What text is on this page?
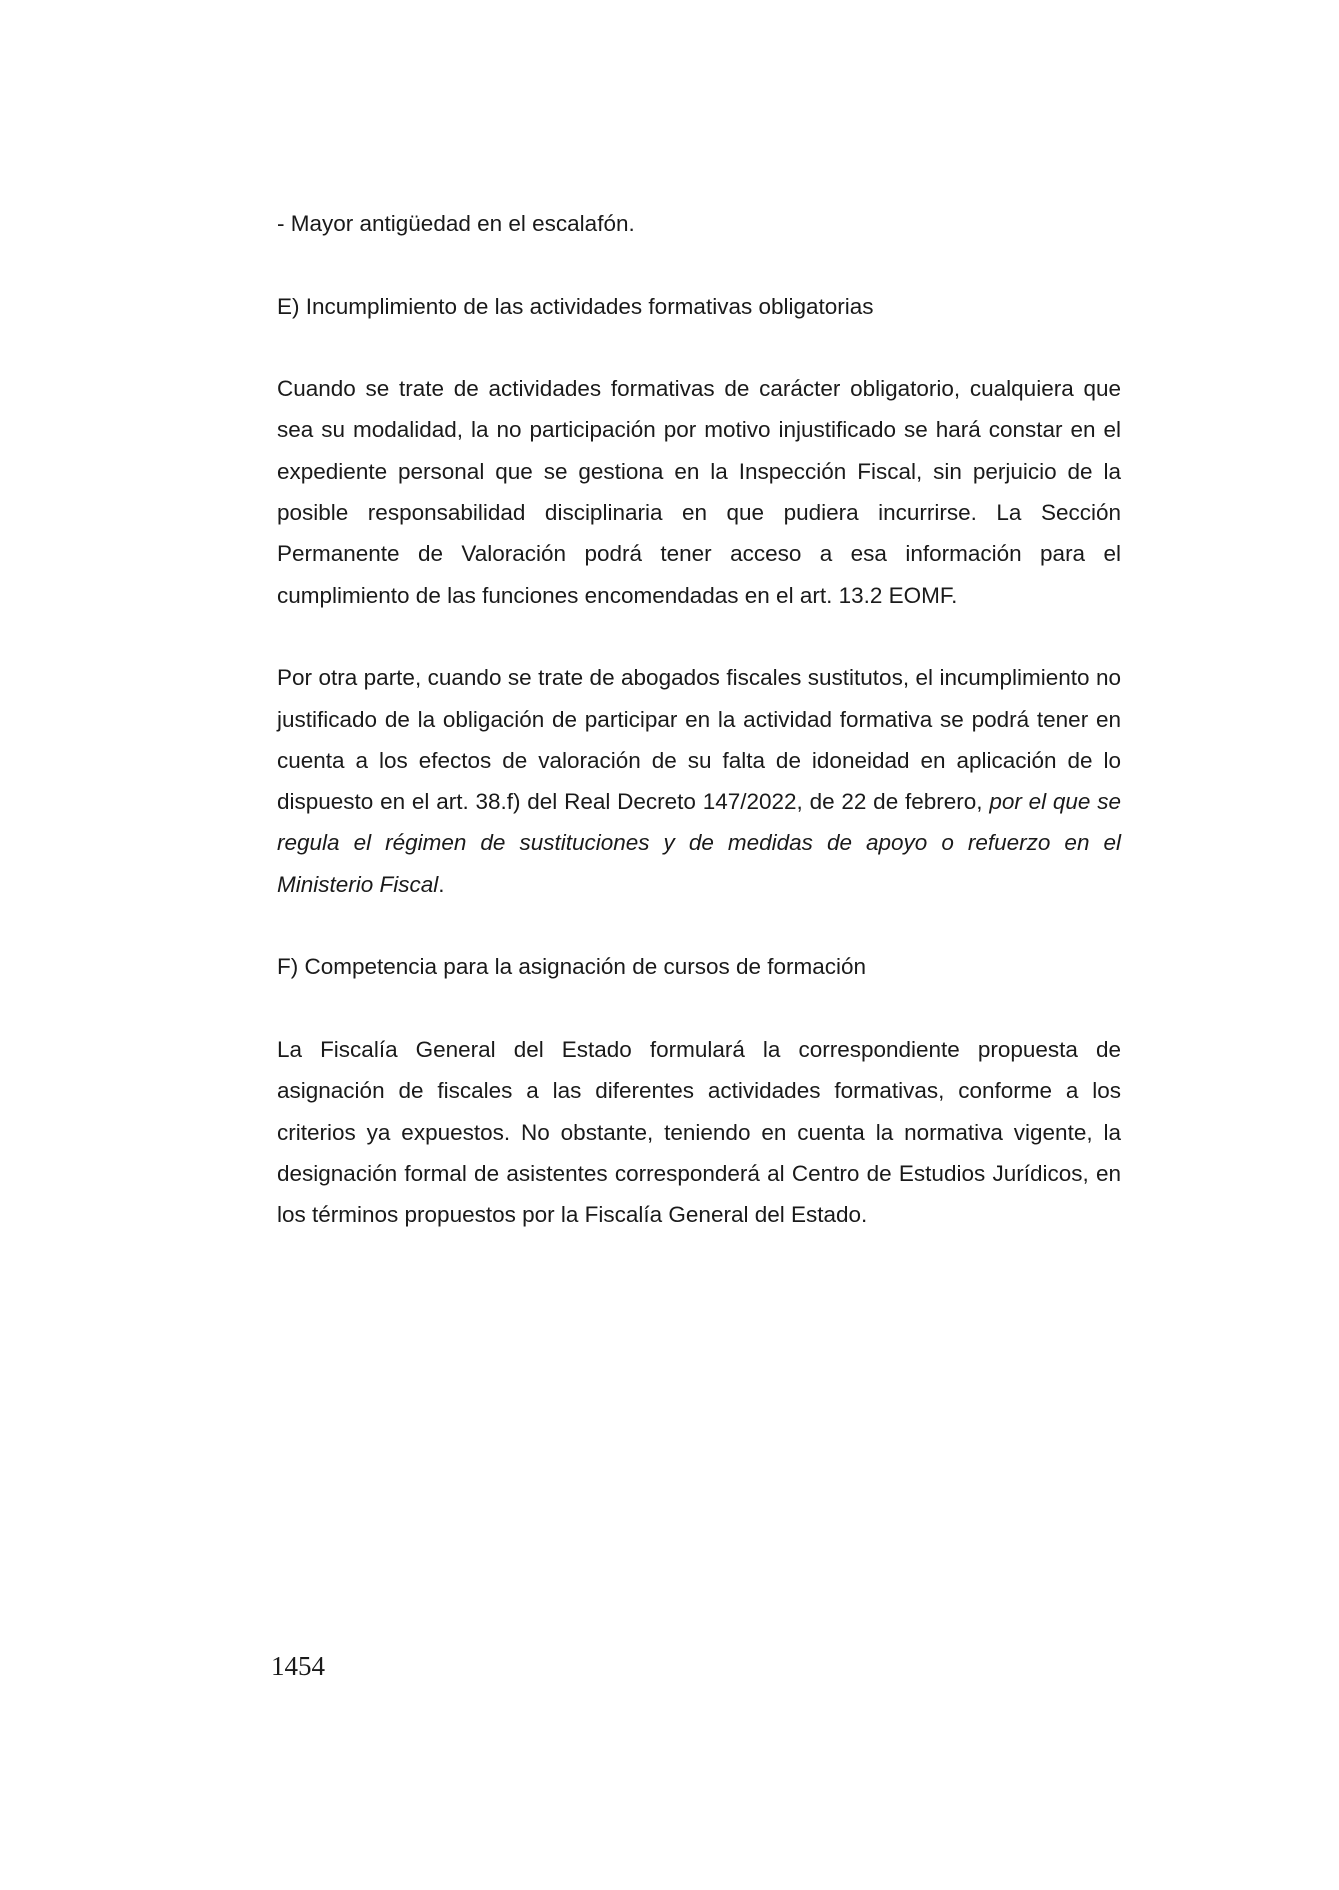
- Mayor antigüedad en el escalafón.

E) Incumplimiento de las actividades formativas obligatorias

Cuando se trate de actividades formativas de carácter obligatorio, cualquiera que sea su modalidad, la no participación por motivo injustificado se hará constar en el expediente personal que se gestiona en la Inspección Fiscal, sin perjuicio de la posible responsabilidad disciplinaria en que pudiera incurrirse. La Sección Permanente de Valoración podrá tener acceso a esa información para el cumplimiento de las funciones encomendadas en el art. 13.2 EOMF.

Por otra parte, cuando se trate de abogados fiscales sustitutos, el incumplimiento no justificado de la obligación de participar en la actividad formativa se podrá tener en cuenta a los efectos de valoración de su falta de idoneidad en aplicación de lo dispuesto en el art. 38.f) del Real Decreto 147/2022, de 22 de febrero, por el que se regula el régimen de sustituciones y de medidas de apoyo o refuerzo en el Ministerio Fiscal.

F) Competencia para la asignación de cursos de formación

La Fiscalía General del Estado formulará la correspondiente propuesta de asignación de fiscales a las diferentes actividades formativas, conforme a los criterios ya expuestos. No obstante, teniendo en cuenta la normativa vigente, la designación formal de asistentes corresponderá al Centro de Estudios Jurídicos, en los términos propuestos por la Fiscalía General del Estado.

1454
